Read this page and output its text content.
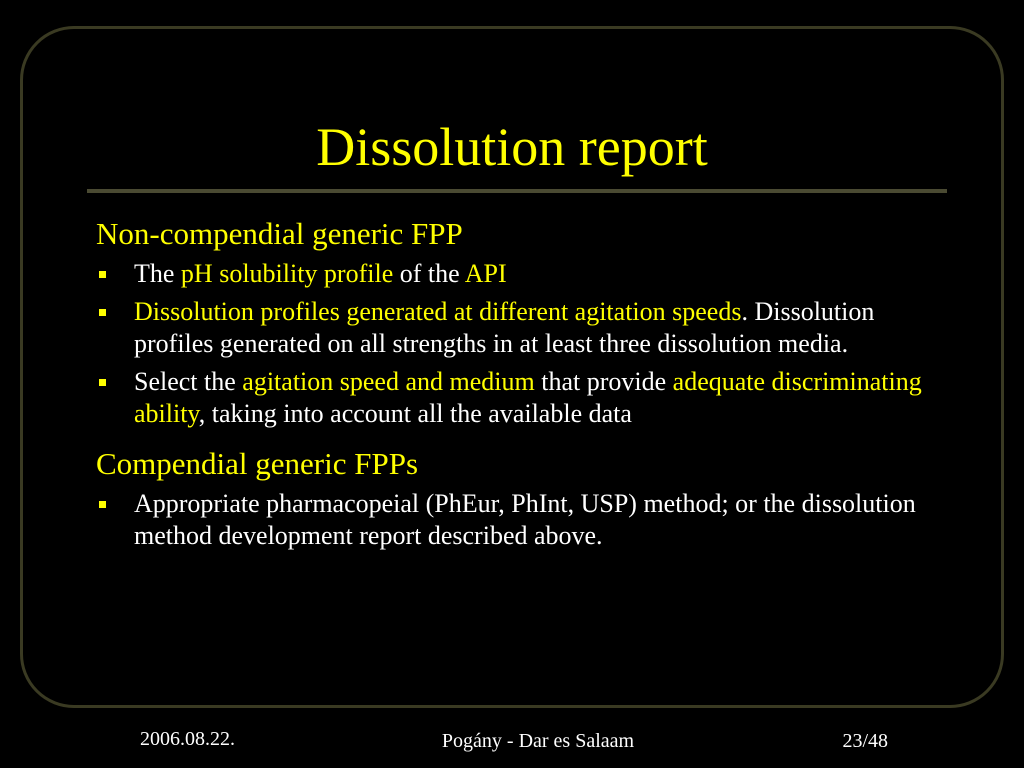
Dissolution report

Non-compendial generic FPP

The pH solubility profile of the API
Dissolution profiles generated at different agitation speeds. Dissolution profiles generated on all strengths in at least three dissolution media.
Select the agitation speed and medium that provide adequate discriminating ability, taking into account all the available data

Compendial generic FPPs

Appropriate pharmacopeial (PhEur, PhInt, USP) method; or the dissolution method development report described above.
2006.08.22.	Pogány - Dar es Salaam	23/48
